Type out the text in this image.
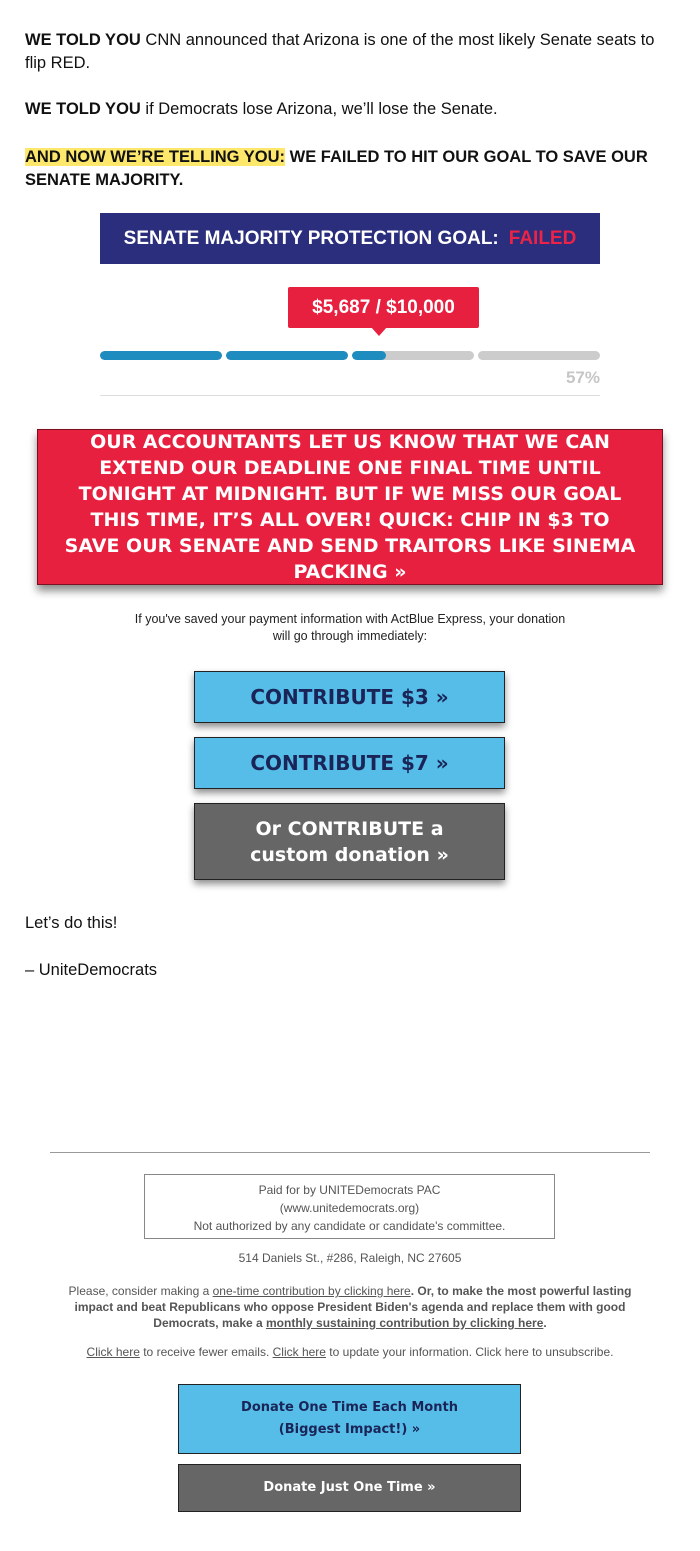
WE TOLD YOU CNN announced that Arizona is one of the most likely Senate seats to flip RED.

WE TOLD YOU if Democrats lose Arizona, we’ll lose the Senate.

AND NOW WE’RE TELLING YOU: WE FAILED TO HIT OUR GOAL TO SAVE OUR SENATE MAJORITY.

SENATE MAJORITY PROTECTION GOAL: FAILED
$5,687 / $10,000
57%
OUR ACCOUNTANTS LET US KNOW THAT WE CAN EXTEND OUR DEADLINE ONE FINAL TIME UNTIL TONIGHT AT MIDNIGHT. BUT IF WE MISS OUR GOAL THIS TIME, IT’S ALL OVER! QUICK: CHIP IN $3 TO SAVE OUR SENATE AND SEND TRAITORS LIKE SINEMA PACKING »
If you've saved your payment information with ActBlue Express, your donation will go through immediately:
CONTRIBUTE $3 »
CONTRIBUTE $7 »
Or CONTRIBUTE a custom donation »
Let’s do this!
– UniteDemocrats
Paid for by UNITEDemocrats PAC
(www.unitedemocrats.org)
Not authorized by any candidate or candidate's committee.
514 Daniels St., #286, Raleigh, NC 27605
Please, consider making a one-time contribution by clicking here. Or, to make the most powerful lasting impact and beat Republicans who oppose President Biden's agenda and replace them with good Democrats, make a monthly sustaining contribution by clicking here.
Click here to receive fewer emails. Click here to update your information. Click here to unsubscribe.
Donate One Time Each Month
(Biggest Impact!) »
Donate Just One Time »
